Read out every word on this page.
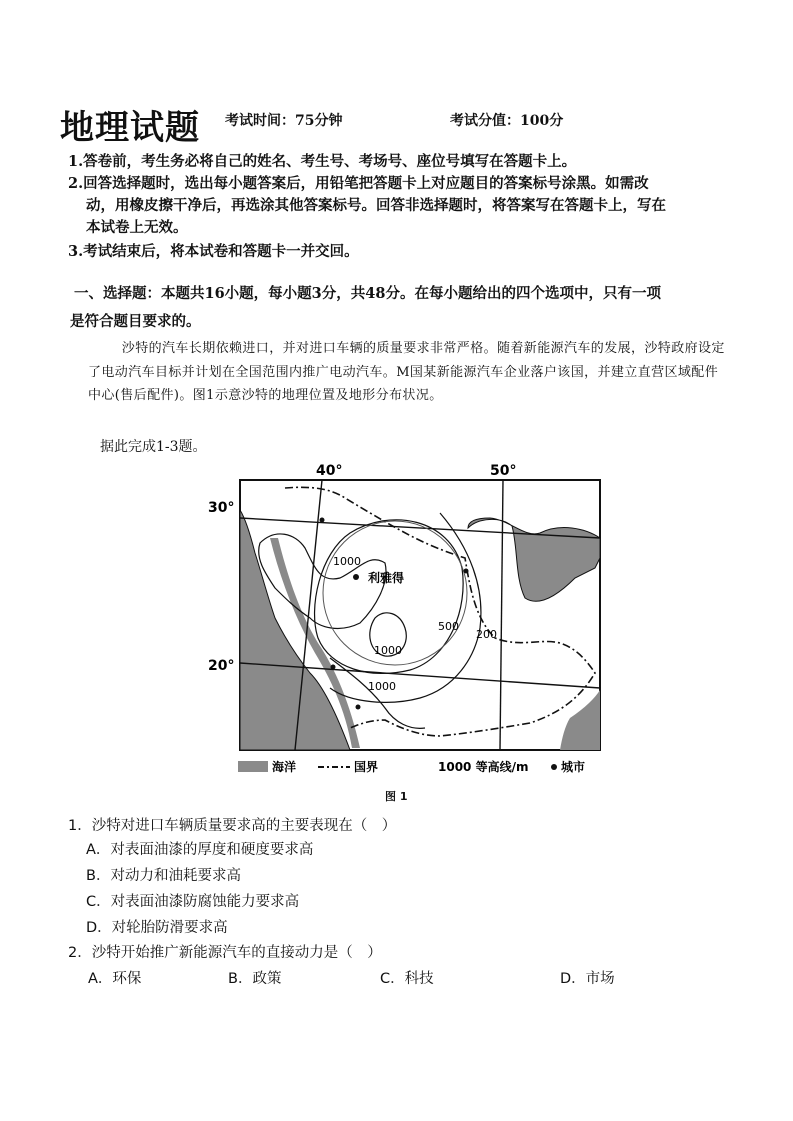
地理试题 考试时间：75分钟	考试分值：100分
1.答卷前，考生务必将自己的姓名、考生号、考场号、座位号填写在答题卡上。
2.回答选择题时，选出每小题答案后，用铅笔把答题卡上对应题目的答案标号涂黑。如需改
动，用橡皮擦干净后，再选涂其他答案标号。回答非选择题时，将答案写在答题卡上，写在
本试卷上无效。
3.考试结束后，将本试卷和答题卡一并交回。
一、选择题：本题共16小题，每小题3分，共48分。在每小题给出的四个选项中，只有一项
是符合题目要求的。
沙特的汽车长期依赖进口，并对进口车辆的质量要求非常严格。随着新能源汽车的发展，沙特政府设定了电动汽车目标并计划在全国范围内推广电动汽车。M国某新能源汽车企业落户该国，并建立直营区域配件中心(售后配件)。图1示意沙特的地理位置及地形分布状况。
据此完成1-3题。
40°	50°
30°
20°
1000
1000
1000
500
200
利雅得
海洋	国界	1000 等高线/m	城市
图 1
1．沙特对进口车辆质量要求高的主要表现在（　）
A．对表面油漆的厚度和硬度要求高
B．对动力和油耗要求高
C．对表面油漆防腐蚀能力要求高
D．对轮胎防滑要求高
2．沙特开始推广新能源汽车的直接动力是（　）
A．环保	B．政策	C．科技	D．市场
